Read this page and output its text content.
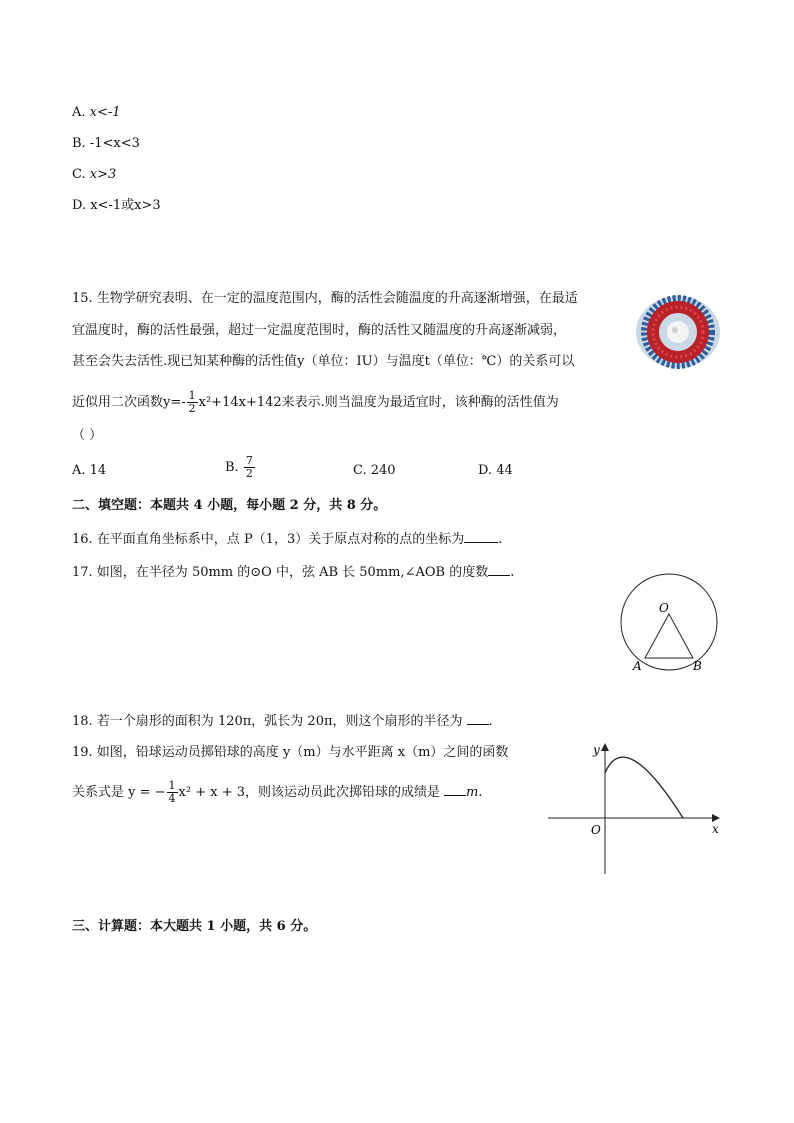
A. x<-1
B. -1<x<3
C. x>3
D. x<-1或x>3
15. 生物学研究表明、在一定的温度范围内，酶的活性会随温度的升高逐渐增强，在最适
宜温度时，酶的活性最强，超过一定温度范围时，酶的活性又随温度的升高逐渐减弱，
甚至会失去活性.现已知某种酶的活性值y（单位：IU）与温度t（单位：℃）的关系可以
近似用二次函数$y=- \frac{1}{2} x^2+14x+142$来表示.则当温度为最适宜时，该种酶的活性值为
（ ）
A. 14	B. $\frac{7}{2}$	C. 240	D. 44
二、填空题：本题共 4 小题，每小题 2 分，共 8 分。
16. 在平面直角坐标系中，点 P（1，3）关于原点对称的点的坐标为	.
17. 如图，在半径为 50mm 的⊙O 中，弦 AB 长 50mm,∠AOB 的度数 .
O
A	B
18. 若一个扇形的面积为 120π，弧长为 20π，则这个扇形的半径为 .
19. 如图，铅球运动员掷铅球的高度 y（m）与水平距离 x（m）之间的函数
关系式是 y = − $\frac{1}{4} x^2 + x + 3$，则该运动员此次掷铅球的成绩是 m.
y
x
O
三、计算题：本大题共 1 小题，共 6 分。
